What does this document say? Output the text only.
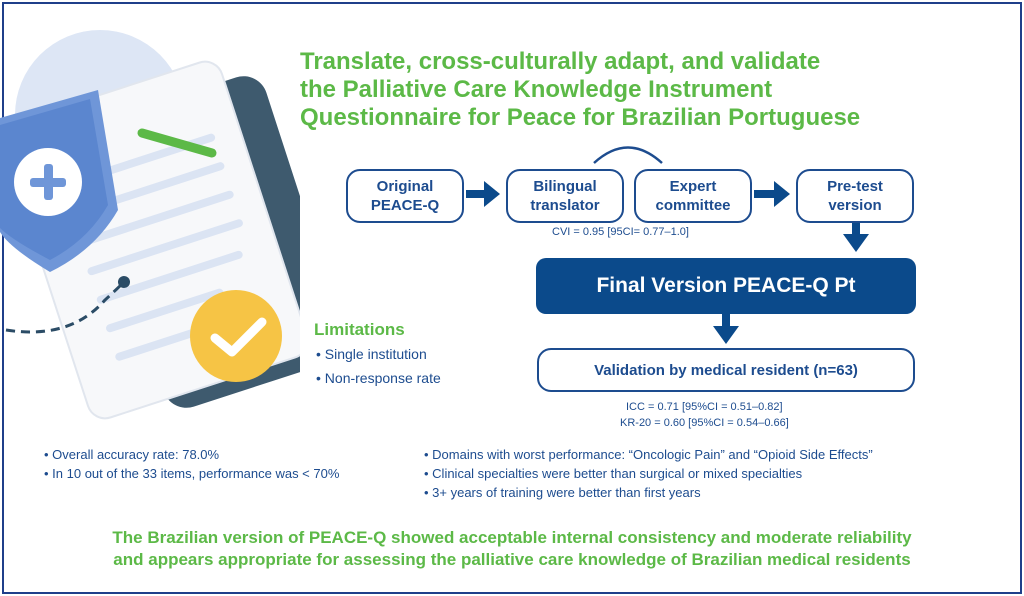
Translate, cross-culturally adapt, and validate
the Palliative Care Knowledge Instrument
Questionnaire for Peace for Brazilian Portuguese
Original
PEACE-Q
Bilingual
translator
Expert
committee
Pre-test
version
CVI = 0.95 [95CI= 0.77–1.0]
Final Version PEACE-Q Pt
Validation by medical resident (n=63)
ICC = 0.71 [95%CI = 0.51–0.82]
KR-20 = 0.60 [95%CI = 0.54–0.66]
Limitations
• Single institution
• Non-response rate
• Overall accuracy rate: 78.0%
• In 10 out of the 33 items, performance was < 70%
• Domains with worst performance: “Oncologic Pain” and “Opioid Side Effects”
• Clinical specialties were better than surgical or mixed specialties
• 3+ years of training were better than first years
The Brazilian version of PEACE-Q showed acceptable internal consistency and moderate reliability
and appears appropriate for assessing the palliative care knowledge of Brazilian medical residents
